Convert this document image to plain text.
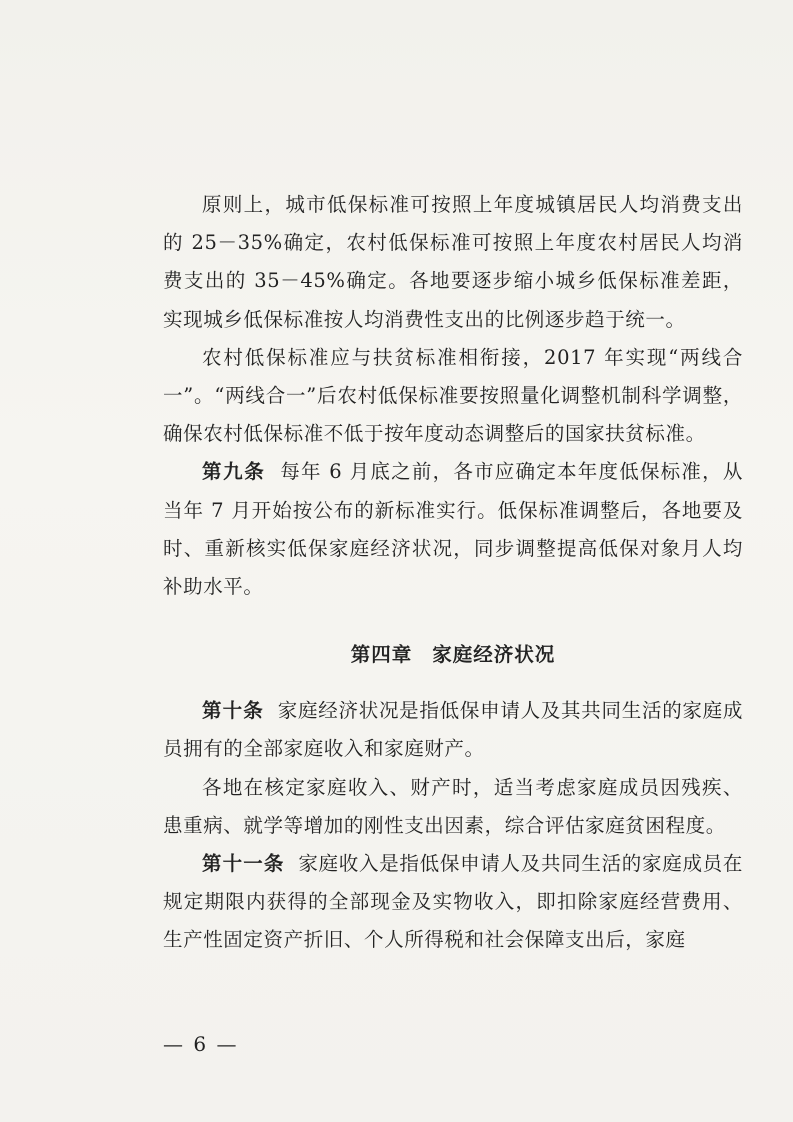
原则上，城市低保标准可按照上年度城镇居民人均消费支出的 25－35%确定，农村低保标准可按照上年度农村居民人均消费支出的 35－45%确定。各地要逐步缩小城乡低保标准差距，实现城乡低保标准按人均消费性支出的比例逐步趋于统一。

农村低保标准应与扶贫标准相衔接，2017 年实现“两线合一”。“两线合一”后农村低保标准要按照量化调整机制科学调整，确保农村低保标准不低于按年度动态调整后的国家扶贫标准。

第九条 每年 6 月底之前，各市应确定本年度低保标准，从当年 7 月开始按公布的新标准实行。低保标准调整后，各地要及时、重新核实低保家庭经济状况，同步调整提高低保对象月人均补助水平。

第四章 家庭经济状况

第十条 家庭经济状况是指低保申请人及其共同生活的家庭成员拥有的全部家庭收入和家庭财产。

各地在核定家庭收入、财产时，适当考虑家庭成员因残疾、患重病、就学等增加的刚性支出因素，综合评估家庭贫困程度。

第十一条 家庭收入是指低保申请人及共同生活的家庭成员在规定期限内获得的全部现金及实物收入，即扣除家庭经营费用、生产性固定资产折旧、个人所得税和社会保障支出后，家庭

— 6 —
